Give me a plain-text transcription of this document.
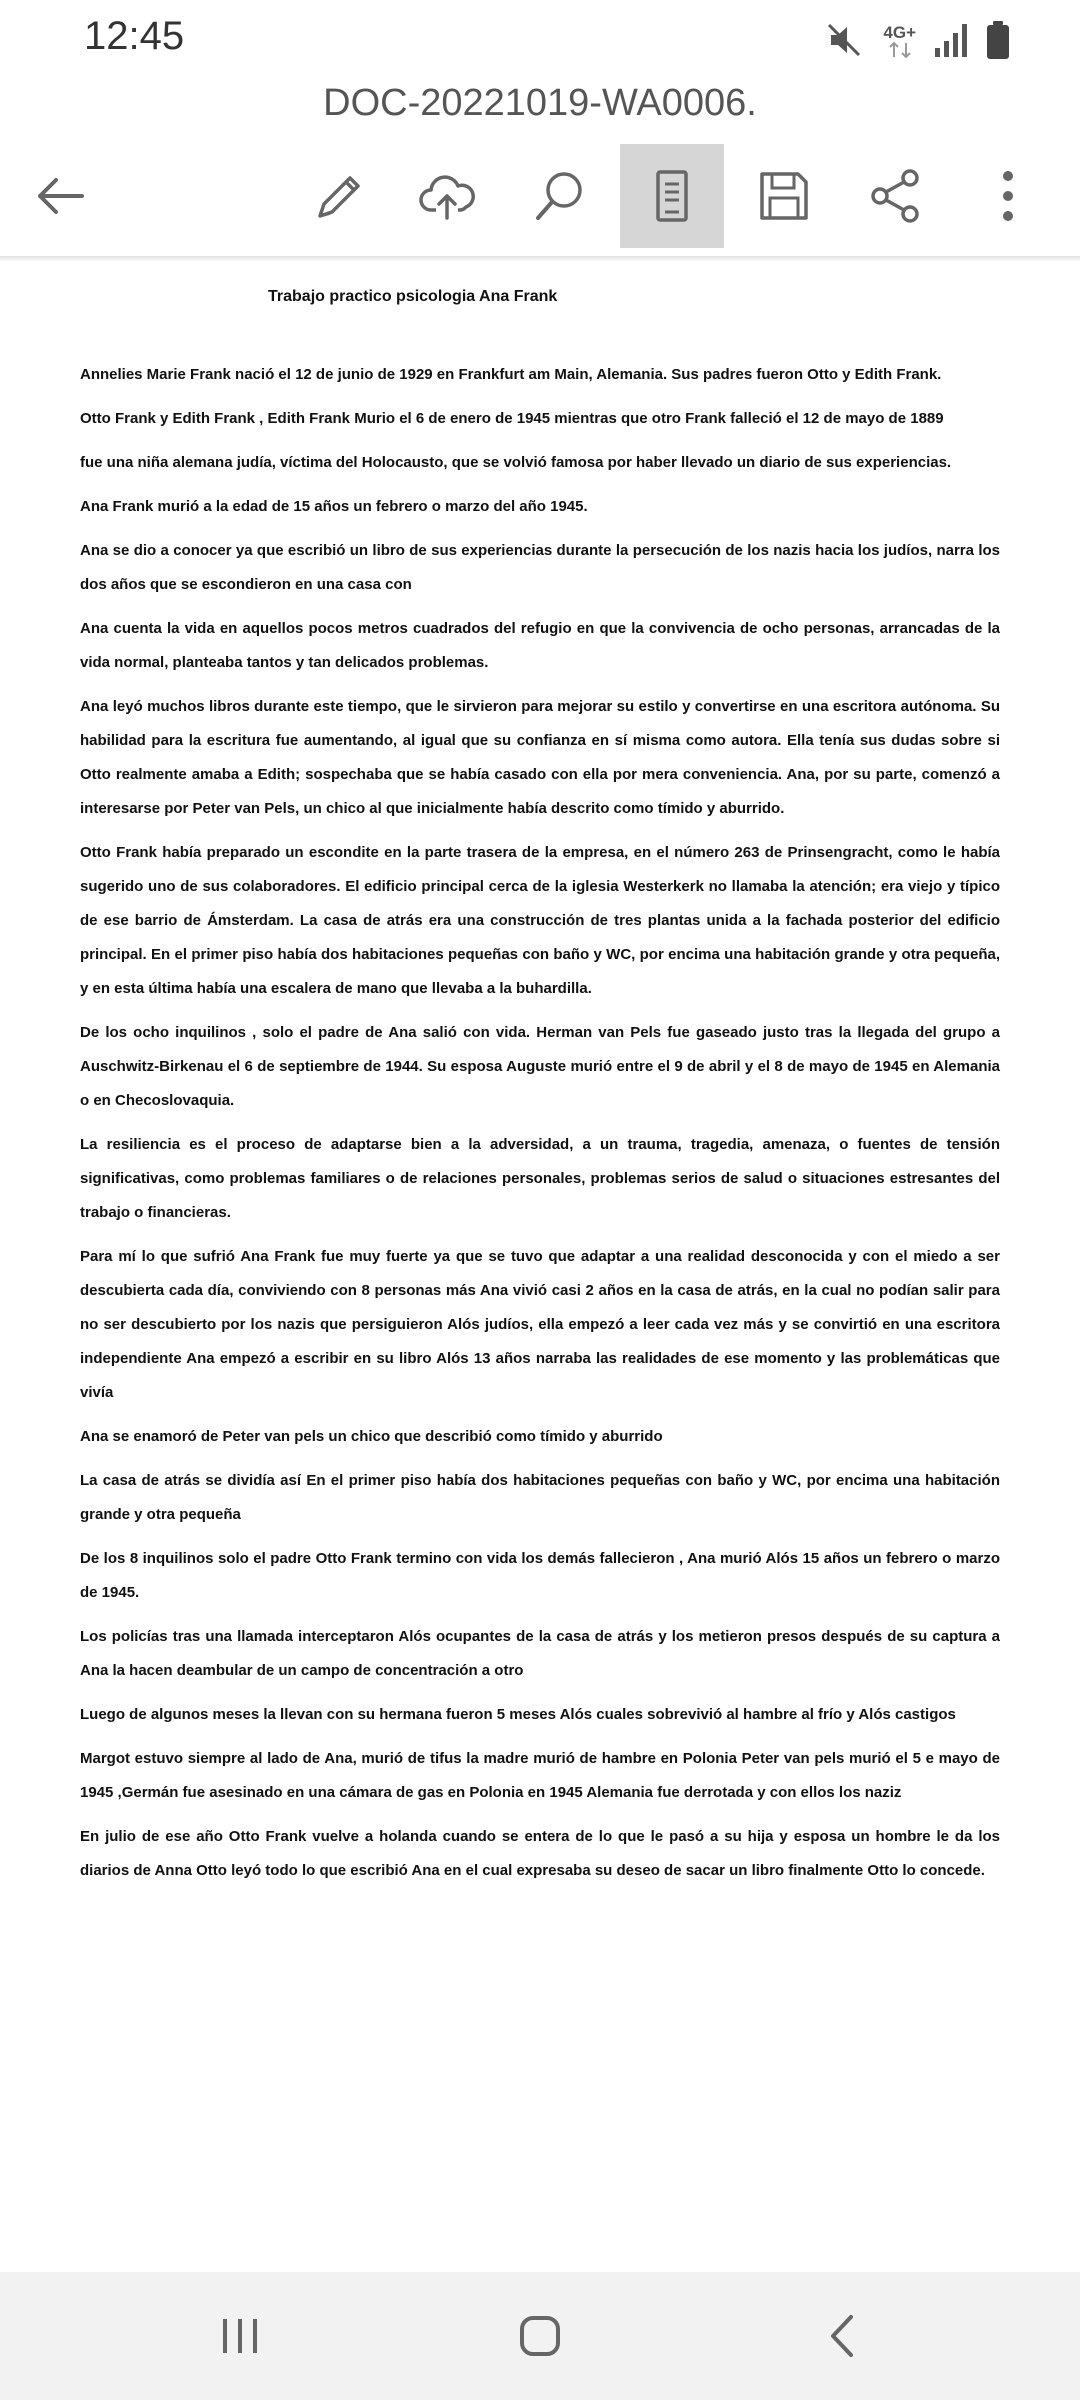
12:45	4G+
DOC-20221019-WA0006.
Trabajo practico psicologia Ana Frank

Annelies Marie Frank nació el 12 de junio de 1929 en Frankfurt am Main, Alemania. Sus padres fueron Otto y Edith Frank.

Otto Frank y Edith Frank , Edith Frank Murio el 6 de enero de 1945 mientras que otro Frank falleció el 12 de mayo de 1889

fue una niña alemana judía, víctima del Holocausto, que se volvió famosa por haber llevado un diario de sus experiencias.

Ana Frank murió a la edad de 15 años un febrero o marzo del año 1945.

Ana se dio a conocer ya que escribió un libro de sus experiencias durante la persecución de los nazis hacia los judíos, narra los dos años que se escondieron en una casa con

Ana cuenta la vida en aquellos pocos metros cuadrados del refugio en que la convivencia de ocho personas, arrancadas de la vida normal, planteaba tantos y tan delicados problemas.

Ana leyó muchos libros durante este tiempo, que le sirvieron para mejorar su estilo y convertirse en una escritora autónoma. Su habilidad para la escritura fue aumentando, al igual que su confianza en sí misma como autora. Ella tenía sus dudas sobre si Otto realmente amaba a Edith; sospechaba que se había casado con ella por mera conveniencia. Ana, por su parte, comenzó a interesarse por Peter van Pels, un chico al que inicialmente había descrito como tímido y aburrido.

Otto Frank había preparado un escondite en la parte trasera de la empresa, en el número 263 de Prinsengracht, como le había sugerido uno de sus colaboradores. El edificio principal cerca de la iglesia Westerkerk no llamaba la atención; era viejo y típico de ese barrio de Ámsterdam. La casa de atrás era una construcción de tres plantas unida a la fachada posterior del edificio principal. En el primer piso había dos habitaciones pequeñas con baño y WC, por encima una habitación grande y otra pequeña, y en esta última había una escalera de mano que llevaba a la buhardilla.

De los ocho inquilinos , solo el padre de Ana salió con vida. Herman van Pels fue gaseado justo tras la llegada del grupo a Auschwitz-Birkenau el 6 de septiembre de 1944. Su esposa Auguste murió entre el 9 de abril y el 8 de mayo de 1945 en Alemania o en Checoslovaquia.

La resiliencia es el proceso de adaptarse bien a la adversidad, a un trauma, tragedia, amenaza, o fuentes de tensión significativas, como problemas familiares o de relaciones personales, problemas serios de salud o situaciones estresantes del trabajo o financieras.

Para mí lo que sufrió Ana Frank fue muy fuerte ya que se tuvo que adaptar a una realidad desconocida y con el miedo a ser descubierta cada día, conviviendo con 8 personas más Ana vivió casi 2 años en la casa de atrás, en la cual no podían salir para no ser descubierto por los nazis que persiguieron Alós judíos, ella empezó a leer cada vez más y se convirtió en una escritora independiente Ana empezó a escribir en su libro Alós 13 años narraba las realidades de ese momento y las problemáticas que vivía

Ana se enamoró de Peter van pels un chico que describió como tímido y aburrido

La casa de atrás se dividía así En el primer piso había dos habitaciones pequeñas con baño y WC, por encima una habitación grande y otra pequeña

De los 8 inquilinos solo el padre Otto Frank termino con vida los demás fallecieron , Ana murió Alós 15 años un febrero o marzo de 1945.

Los policías tras una llamada interceptaron Alós ocupantes de la casa de atrás y los metieron presos después de su captura a Ana la hacen deambular de un campo de concentración a otro

Luego de algunos meses la llevan con su hermana fueron 5 meses Alós cuales sobrevivió al hambre al frío y Alós castigos

Margot estuvo siempre al lado de Ana, murió de tifus la madre murió de hambre en Polonia Peter van pels murió el 5 e mayo de 1945 ,Germán fue asesinado en una cámara de gas en Polonia en 1945 Alemania fue derrotada y con ellos los naziz

En julio de ese año Otto Frank vuelve a holanda cuando se entera de lo que le pasó a su hija y esposa un hombre le da los diarios de Anna Otto leyó todo lo que escribió Ana en el cual expresaba su deseo de sacar un libro finalmente Otto lo concede.
